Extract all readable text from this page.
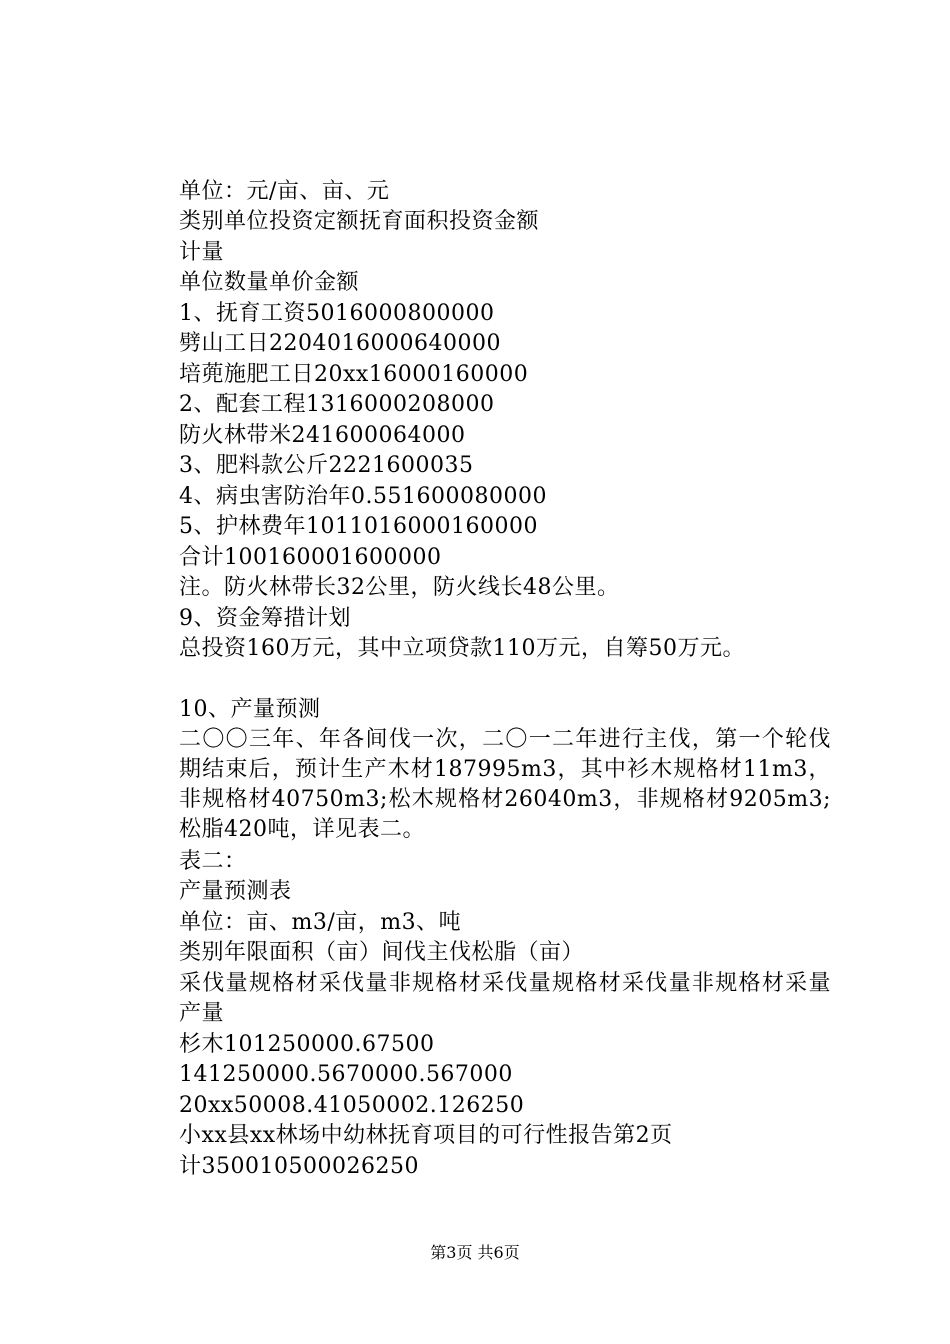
单位：元/亩、亩、元
类别单位投资定额抚育面积投资金额
计量
单位数量单价金额
1、抚育工资5016000800000
劈山工日2204016000640000
培蔸施肥工日20xx16000160000
2、配套工程1316000208000
防火林带米241600064000
3、肥料款公斤2221600035
4、病虫害防治年0.551600080000
5、护林费年1011016000160000
合计100160001600000
注。防火林带长32公里，防火线长48公里。
9、资金筹措计划
总投资160万元，其中立项贷款110万元，自筹50万元。
10、产量预测
二〇〇三年、年各间伐一次，二〇一二年进行主伐，第一个轮伐期结束后，预计生产木材187995m3，其中衫木规格材11m3，非规格材40750m3;松木规格材26040m3，非规格材9205m3;松脂420吨，详见表二。
表二：
产量预测表
单位：亩、m3/亩，m3、吨
类别年限面积（亩）间伐主伐松脂（亩）
采伐量规格材采伐量非规格材采伐量规格材采伐量非规格材采量产量
杉木101250000.67500
141250000.5670000.567000
20xx50008.41050002.126250
小xx县xx林场中幼林抚育项目的可行性报告第2页
计350010500026250
第3页 共6页
